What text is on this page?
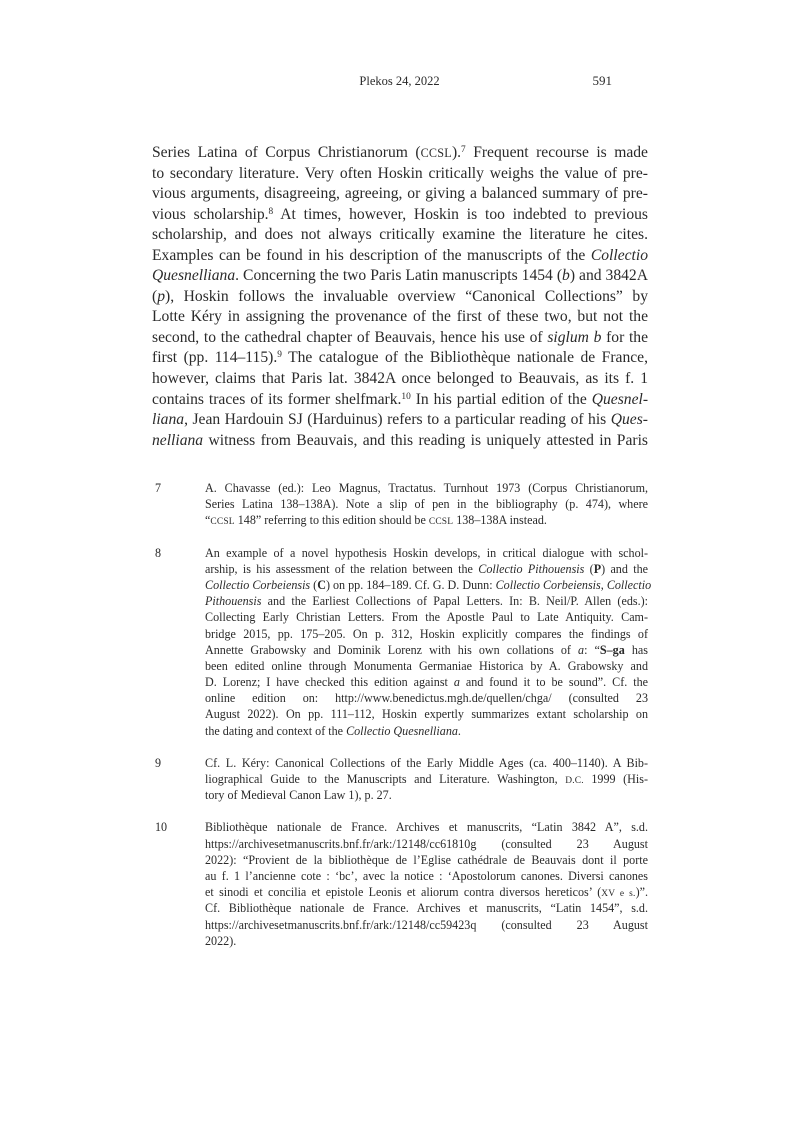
Plekos 24, 2022	591
Series Latina of Corpus Christianorum (CCSL).$^7$ Frequent recourse is made
to secondary literature. Very often Hoskin critically weighs the value of pre-
vious arguments, disagreeing, agreeing, or giving a balanced summary of pre-
vious scholarship.$^8$ At times, however, Hoskin is too indebted to previous
scholarship, and does not always critically examine the literature he cites.
Examples can be found in his description of the manuscripts of the Collectio
Quesnelliana. Concerning the two Paris Latin manuscripts 1454 (b) and 3842A
(p), Hoskin follows the invaluable overview “Canonical Collections” by
Lotte Kéry in assigning the provenance of the first of these two, but not the
second, to the cathedral chapter of Beauvais, hence his use of siglum b for the
first (pp. 114–115).$^9$ The catalogue of the Bibliothèque nationale de France,
however, claims that Paris lat. 3842A once belonged to Beauvais, as its f. 1
contains traces of its former shelfmark.$^{10}$ In his partial edition of the Quesnel-
liana, Jean Hardouin SJ (Harduinus) refers to a particular reading of his Ques-
nelliana witness from Beauvais, and this reading is uniquely attested in Paris
7	A. Chavasse (ed.): Leo Magnus, Tractatus. Turnhout 1973 (Corpus Christianorum,
Series Latina 138–138A). Note a slip of pen in the bibliography (p. 474), where
“CCSL 148” referring to this edition should be CCSL 138–138A instead.
8	An example of a novel hypothesis Hoskin develops, in critical dialogue with schol-
arship, is his assessment of the relation between the Collectio Pithouensis (P) and the
Collectio Corbeiensis (C) on pp. 184–189. Cf. G. D. Dunn: Collectio Corbeiensis, Collectio
Pithouensis and the Earliest Collections of Papal Letters. In: B. Neil/P. Allen (eds.):
Collecting Early Christian Letters. From the Apostle Paul to Late Antiquity. Cam-
bridge 2015, pp. 175–205. On p. 312, Hoskin explicitly compares the findings of
Annette Grabowsky and Dominik Lorenz with his own collations of a: “S–ga has
been edited online through Monumenta Germaniae Historica by A. Grabowsky and
D. Lorenz; I have checked this edition against a and found it to be sound”. Cf. the
online edition on: http://www.benedictus.mgh.de/quellen/chga/ (consulted 23
August 2022). On pp. 111–112, Hoskin expertly summarizes extant scholarship on
the dating and context of the Collectio Quesnelliana.
9	Cf. L. Kéry: Canonical Collections of the Early Middle Ages (ca. 400–1140). A Bib-
liographical Guide to the Manuscripts and Literature. Washington, D.C. 1999 (His-
tory of Medieval Canon Law 1), p. 27.
10	Bibliothèque nationale de France. Archives et manuscrits, “Latin 3842 A”, s.d.
https://archivesetmanuscrits.bnf.fr/ark:/12148/cc61810g (consulted 23 August
2022): “Provient de la bibliothèque de l’Eglise cathédrale de Beauvais dont il porte
au f. 1 l’ancienne cote : ‘bc’, avec la notice : ‘Apostolorum canones. Diversi canones
et sinodi et concilia et epistole Leonis et aliorum contra diversos hereticos’ (XV e s.)”.
Cf. Bibliothèque nationale de France. Archives et manuscrits, “Latin 1454”, s.d.
https://archivesetmanuscrits.bnf.fr/ark:/12148/cc59423q (consulted 23 August
2022).
